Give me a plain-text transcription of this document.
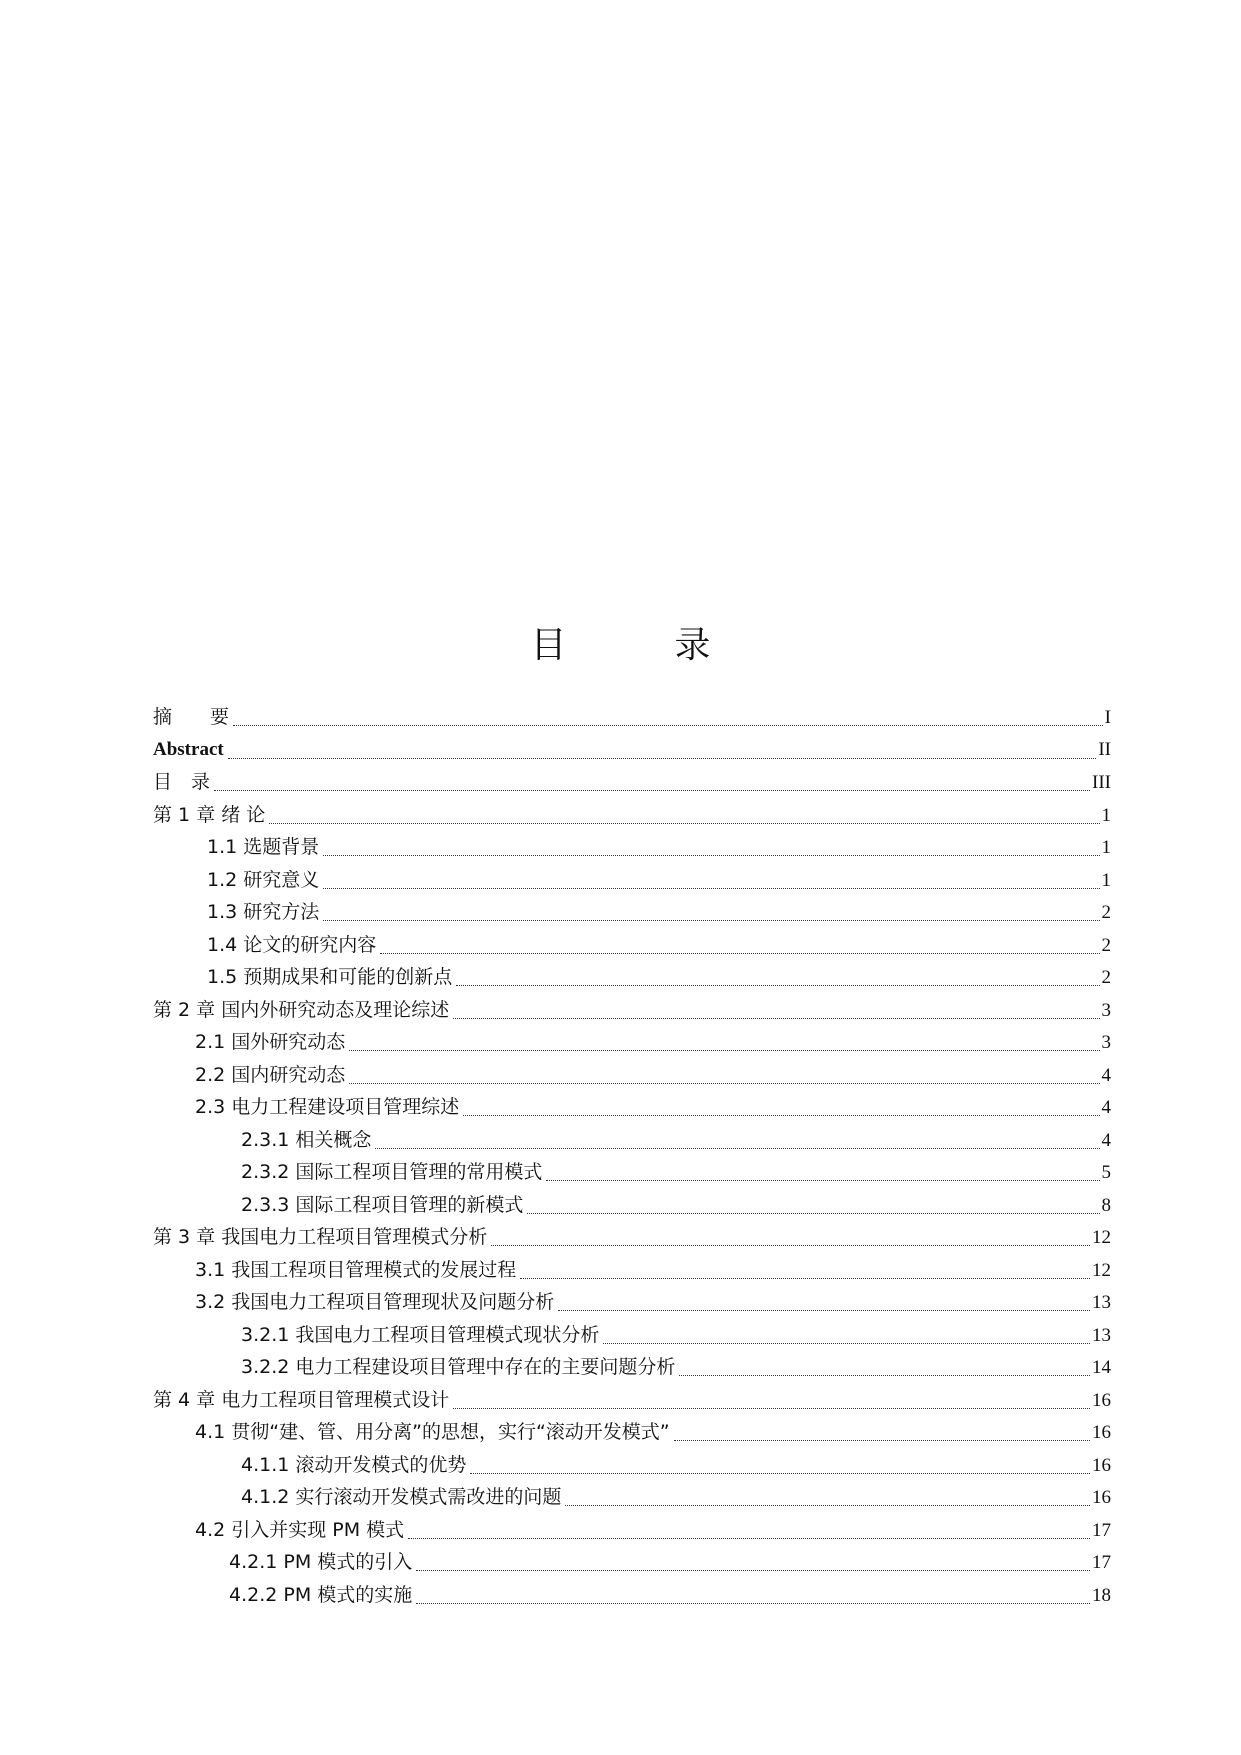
目　录
摘　　要	I
Abstract	II
目　录	III
第 1 章 绪 论	1
1.1 选题背景	1
1.2 研究意义	1
1.3 研究方法	2
1.4 论文的研究内容	2
1.5 预期成果和可能的创新点	2
第 2 章 国内外研究动态及理论综述	3
2.1 国外研究动态	3
2.2 国内研究动态	4
2.3 电力工程建设项目管理综述	4
2.3.1 相关概念	4
2.3.2 国际工程项目管理的常用模式	5
2.3.3 国际工程项目管理的新模式	8
第 3 章 我国电力工程项目管理模式分析	12
3.1 我国工程项目管理模式的发展过程	12
3.2 我国电力工程项目管理现状及问题分析	13
3.2.1 我国电力工程项目管理模式现状分析	13
3.2.2 电力工程建设项目管理中存在的主要问题分析	14
第 4 章 电力工程项目管理模式设计	16
4.1 贯彻“建、管、用分离”的思想，实行“滚动开发模式”	16
4.1.1 滚动开发模式的优势	16
4.1.2 实行滚动开发模式需改进的问题	16
4.2 引入并实现 PM 模式	17
4.2.1 PM 模式的引入	17
4.2.2 PM 模式的实施	18
